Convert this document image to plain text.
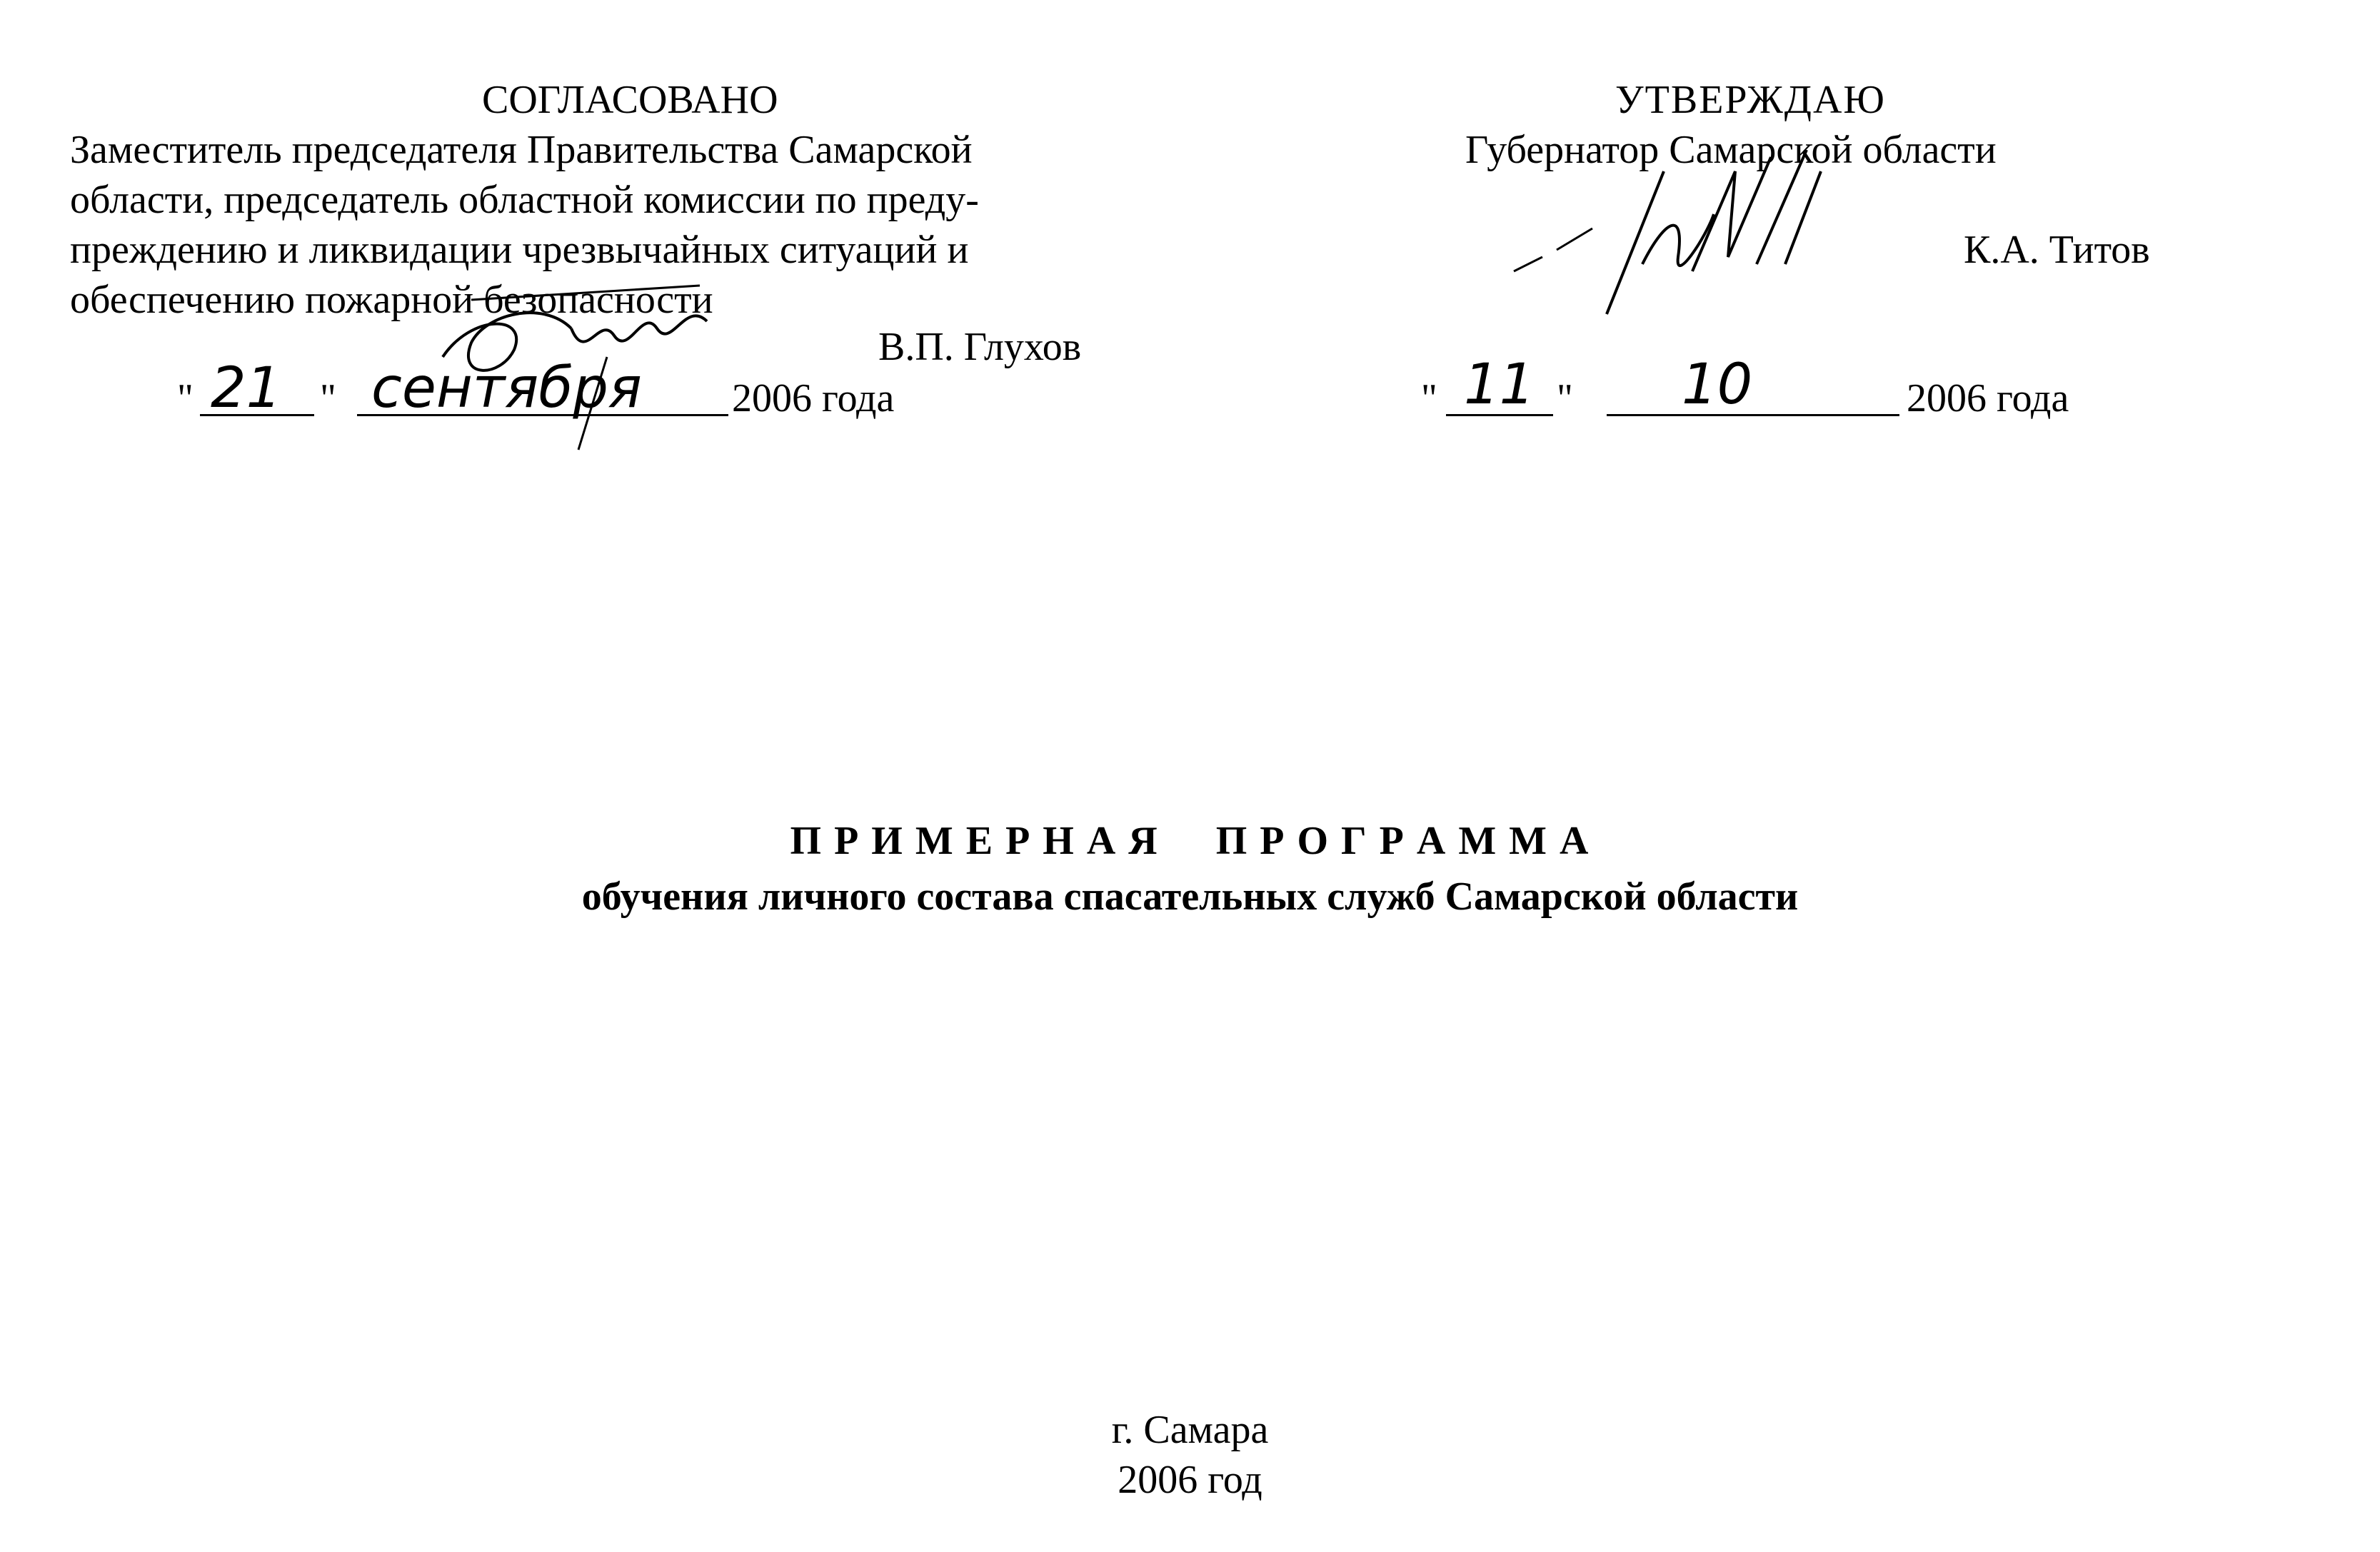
СОГЛАСОВАНО
Заместитель председателя Правительства Самарской
области, председатель областной комиссии по преду-
преждению и ликвидации чрезвычайных ситуаций и
обеспечению пожарной безопасности
В.П. Глухов
" 21 " сентября 2006 года
УТВЕРЖДАЮ
Губернатор Самарской области
К.А. Титов
" 11 " 10	2006 года
П Р И М Е Р Н А Я     П Р О Г Р А М М А
обучения личного состава спасательных служб Самарской области
г. Самара
2006 год
